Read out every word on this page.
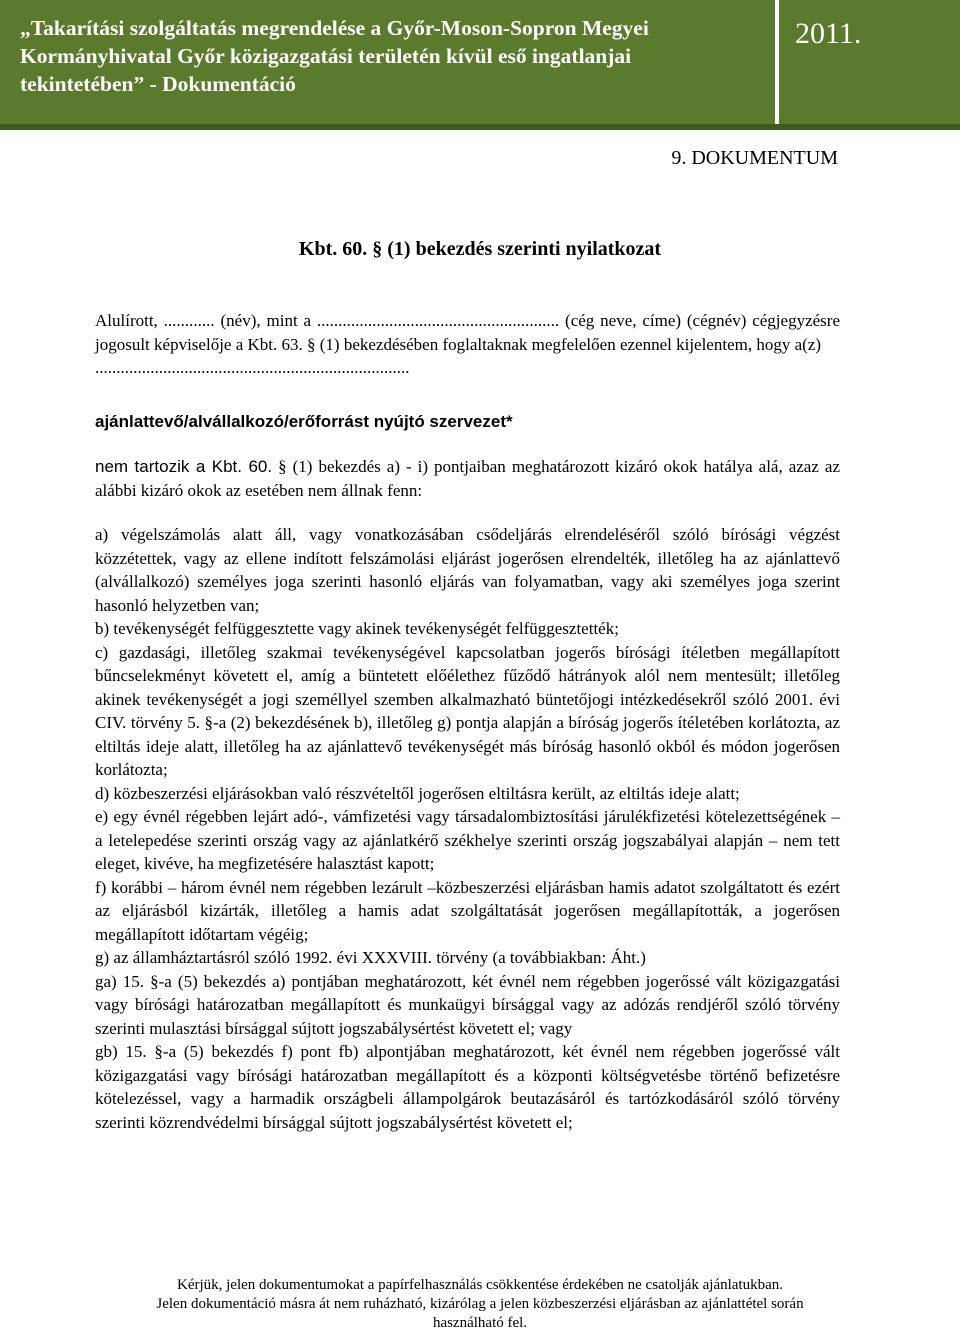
„Takarítási szolgáltatás megrendelése a Győr-Moson-Sopron Megyei
Kormányhivatal Győr közigazgatási területén kívül eső ingatlanjai
tekintetében” - Dokumentáció
2011.
9. DOKUMENTUM
Kbt. 60. § (1) bekezdés szerinti nyilatkozat

Alulírott, ............ (név), mint a ......................................................... (cég neve, címe) (cégnév) cégjegyzésre jogosult képviselője a Kbt. 63. § (1) bekezdésében foglaltaknak megfelelően ezennel kijelentem, hogy a(z)

..........................................................................

ajánlattevő/alvállalkozó/erőforrást nyújtó szervezet*

nem tartozik a Kbt. 60. § (1) bekezdés a) - i) pontjaiban meghatározott kizáró okok hatálya alá, azaz az alábbi kizáró okok az esetében nem állnak fenn:

a) végelszámolás alatt áll, vagy vonatkozásában csődeljárás elrendeléséről szóló bírósági végzést közzétettek, vagy az ellene indított felszámolási eljárást jogerősen elrendelték, illetőleg ha az ajánlattevő (alvállalkozó) személyes joga szerinti hasonló eljárás van folyamatban, vagy aki személyes joga szerint hasonló helyzetben van;

b) tevékenységét felfüggesztette vagy akinek tevékenységét felfüggesztették;

c) gazdasági, illetőleg szakmai tevékenységével kapcsolatban jogerős bírósági ítéletben megállapított bűncselekményt követett el, amíg a büntetett előélethez fűződő hátrányok alól nem mentesült; illetőleg akinek tevékenységét a jogi személlyel szemben alkalmazható büntetőjogi intézkedésekről szóló 2001. évi CIV. törvény 5. §-a (2) bekezdésének b), illetőleg g) pontja alapján a bíróság jogerős ítéletében korlátozta, az eltiltás ideje alatt, illetőleg ha az ajánlattevő tevékenységét más bíróság hasonló okból és módon jogerősen korlátozta;

d) közbeszerzési eljárásokban való részvételtől jogerősen eltiltásra került, az eltiltás ideje alatt;

e) egy évnél régebben lejárt adó-, vámfizetési vagy társadalombiztosítási járulékfizetési kötelezettségének – a letelepedése szerinti ország vagy az ajánlatkérő székhelye szerinti ország jogszabályai alapján – nem tett eleget, kivéve, ha megfizetésére halasztást kapott;

f) korábbi – három évnél nem régebben lezárult –közbeszerzési eljárásban hamis adatot szolgáltatott és ezért az eljárásból kizárták, illetőleg a hamis adat szolgáltatását jogerősen megállapították, a jogerősen megállapított időtartam végéig;

g) az államháztartásról szóló 1992. évi XXXVIII. törvény (a továbbiakban: Áht.)

ga) 15. §-a (5) bekezdés a) pontjában meghatározott, két évnél nem régebben jogerőssé vált közigazgatási vagy bírósági határozatban megállapított és munkaügyi bírsággal vagy az adózás rendjéről szóló törvény szerinti mulasztási bírsággal sújtott jogszabálysértést követett el; vagy

gb) 15. §-a (5) bekezdés f) pont fb) alpontjában meghatározott, két évnél nem régebben jogerőssé vált közigazgatási vagy bírósági határozatban megállapított és a központi költségvetésbe történő befizetésre kötelezéssel, vagy a harmadik országbeli állampolgárok beutazásáról és tartózkodásáról szóló törvény szerinti közrendvédelmi bírsággal sújtott jogszabálysértést követett el;

Kérjük, jelen dokumentumokat a papírfelhasználás csökkentése érdekében ne csatolják ajánlatukban.
Jelen dokumentáció másra át nem ruházható, kizárólag a jelen közbeszerzési eljárásban az ajánlattétel során
használható fel.
